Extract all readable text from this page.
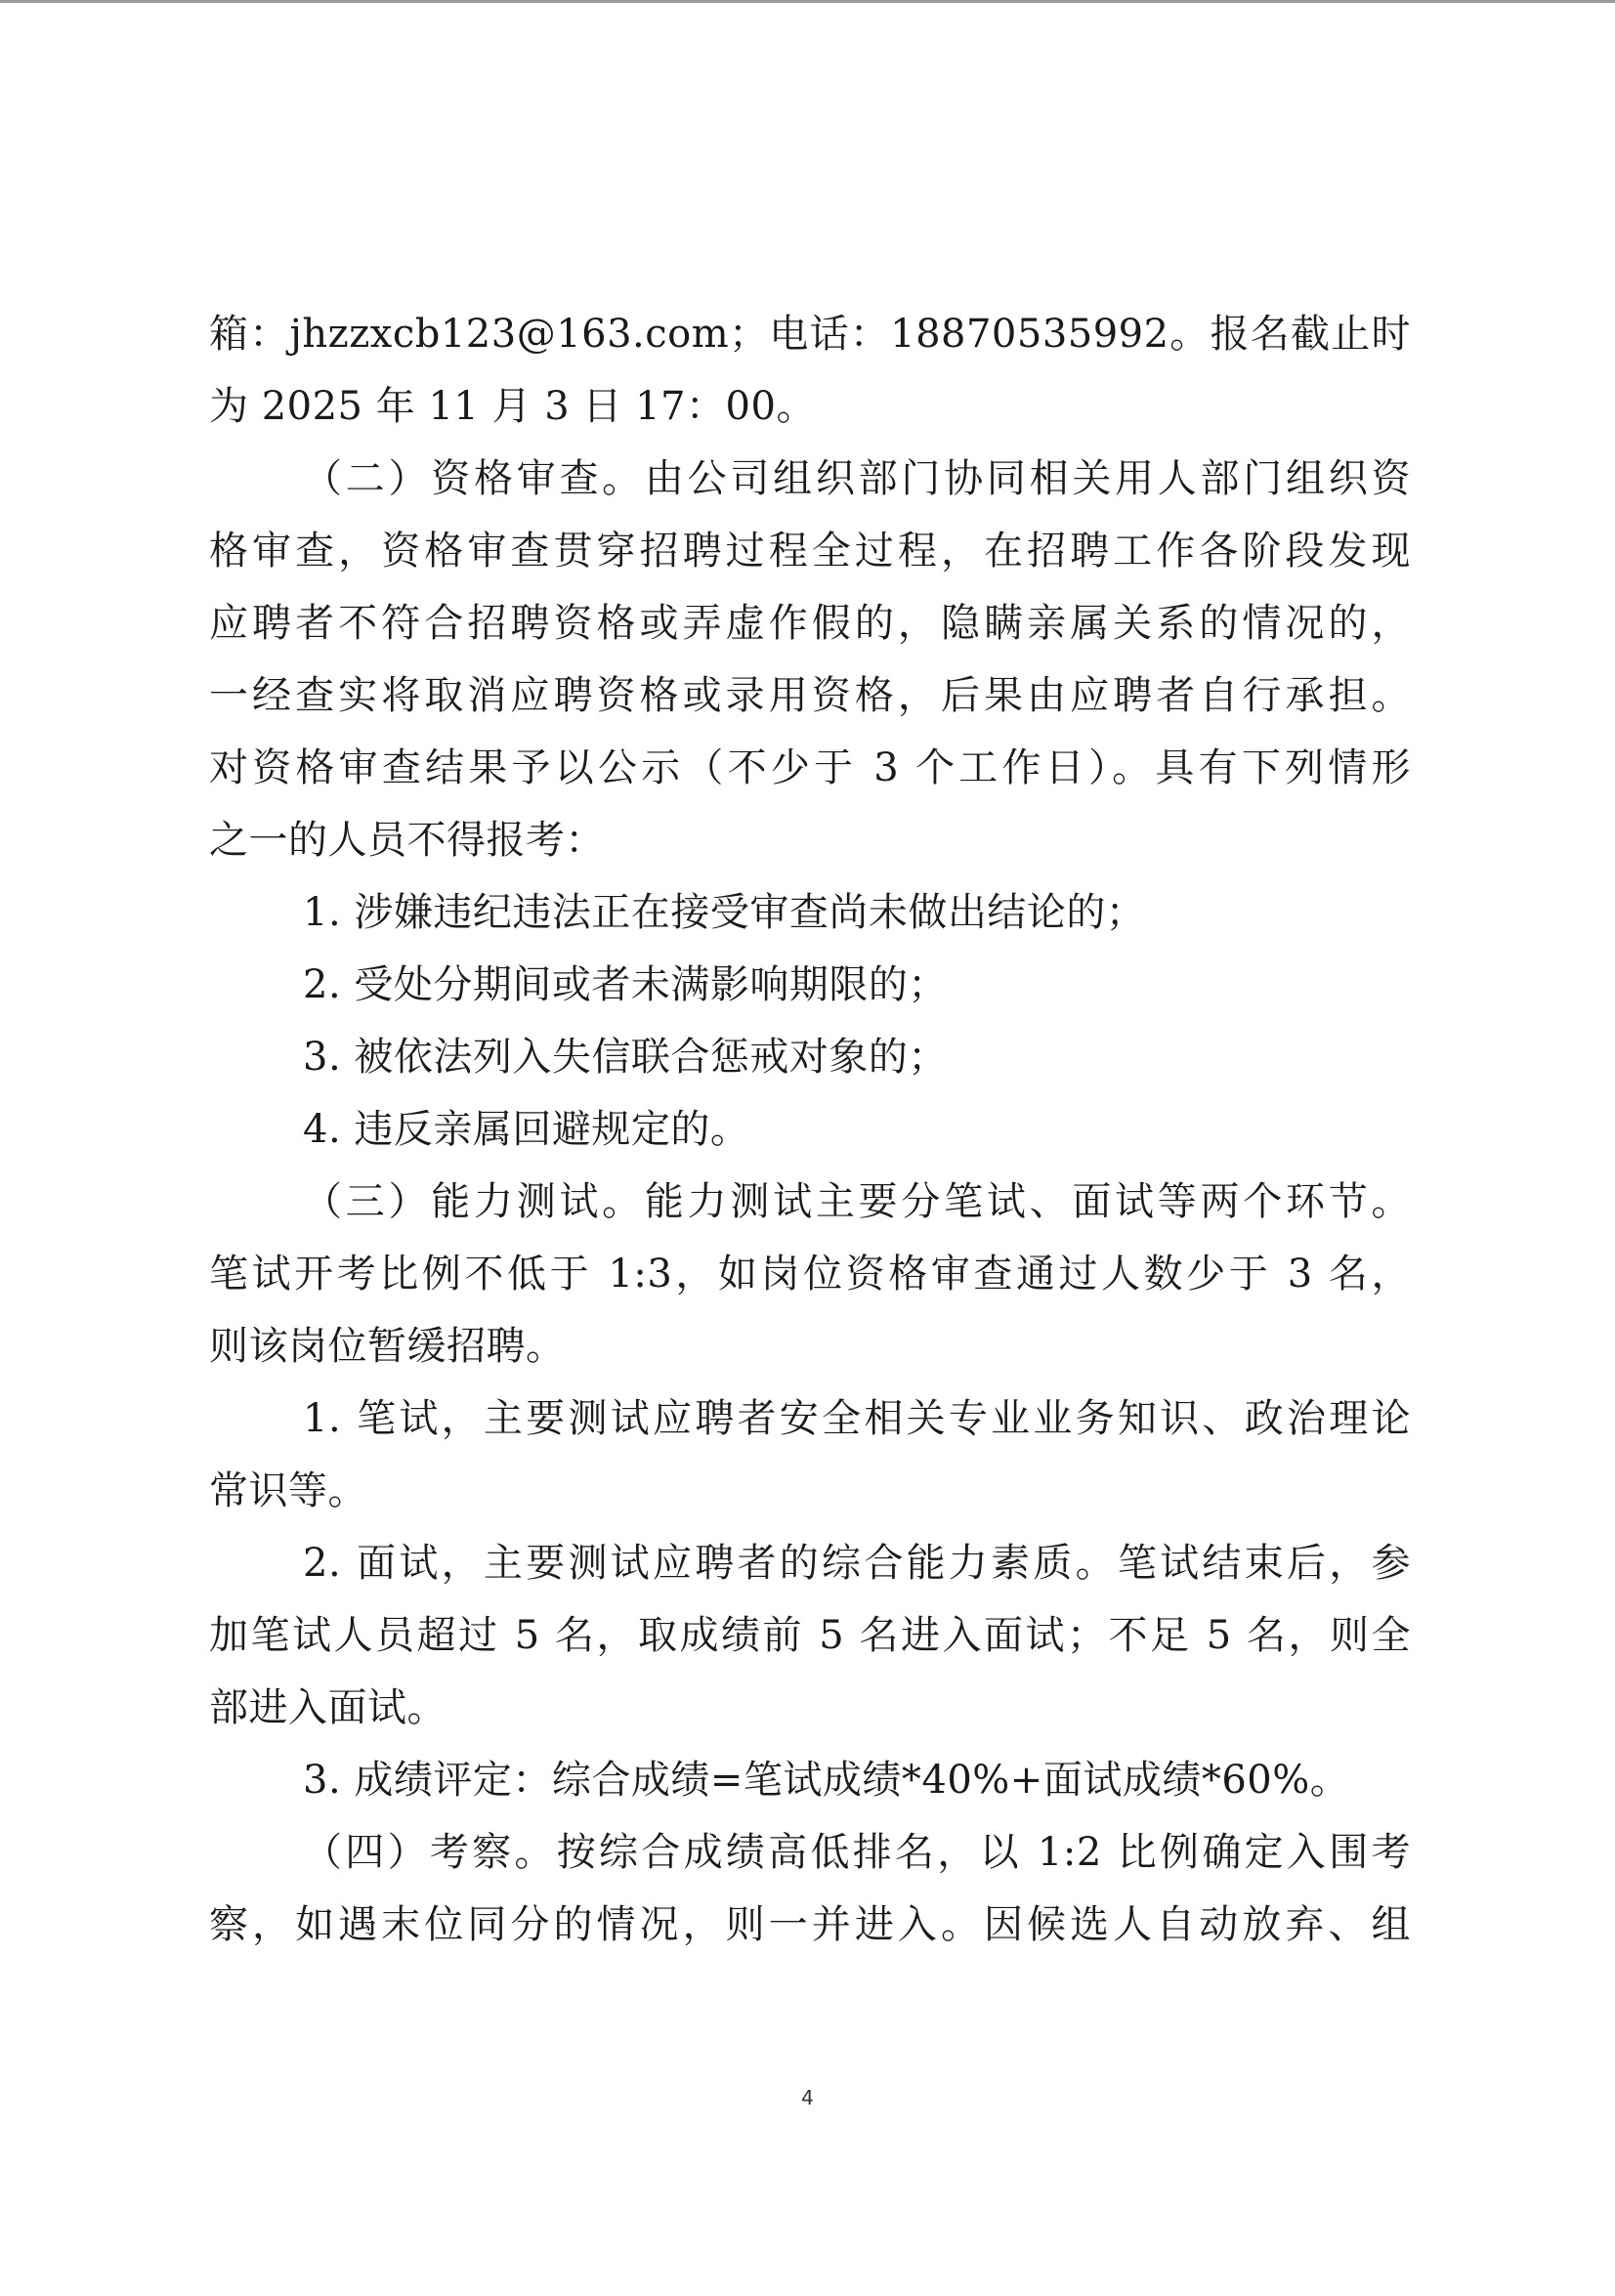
箱：jhzzxcb123@163.com；电话：18870535992。报名截止时
为 2025 年 11 月 3 日 17：00。
（二）资格审查。由公司组织部门协同相关用人部门组织资
格审查，资格审查贯穿招聘过程全过程，在招聘工作各阶段发现
应聘者不符合招聘资格或弄虚作假的，隐瞒亲属关系的情况的，
一经查实将取消应聘资格或录用资格，后果由应聘者自行承担。
对资格审查结果予以公示（不少于 3 个工作日）。具有下列情形
之一的人员不得报考：
1. 涉嫌违纪违法正在接受审查尚未做出结论的；
2. 受处分期间或者未满影响期限的；
3. 被依法列入失信联合惩戒对象的；
4. 违反亲属回避规定的。
（三）能力测试。能力测试主要分笔试、面试等两个环节。
笔试开考比例不低于 1:3，如岗位资格审查通过人数少于 3 名，
则该岗位暂缓招聘。
1. 笔试，主要测试应聘者安全相关专业业务知识、政治理论
常识等。
2. 面试，主要测试应聘者的综合能力素质。笔试结束后，参
加笔试人员超过 5 名，取成绩前 5 名进入面试；不足 5 名，则全
部进入面试。
3. 成绩评定：综合成绩=笔试成绩*40%+面试成绩*60%。
（四）考察。按综合成绩高低排名，以 1:2 比例确定入围考
察，如遇末位同分的情况，则一并进入。因候选人自动放弃、组
4
